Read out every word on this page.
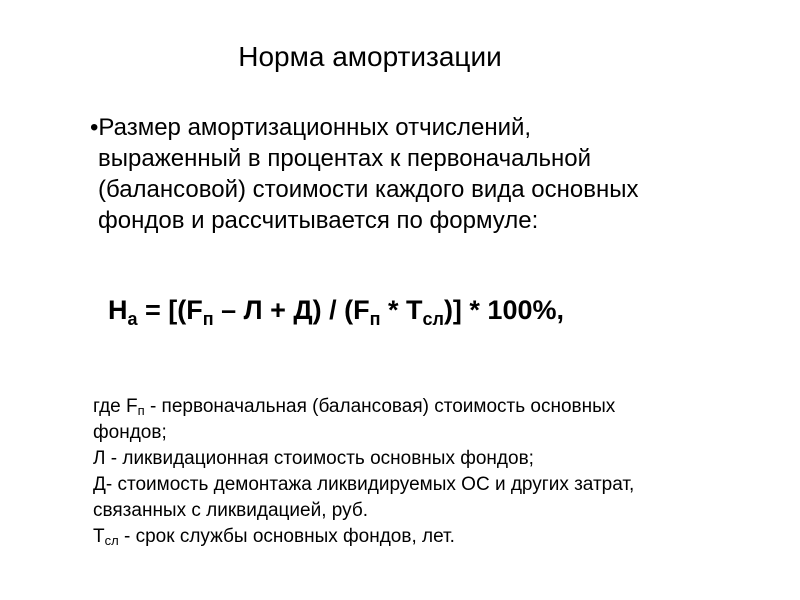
Норма амортизации
•Размер амортизационных отчислений,
выраженный в процентах к первоначальной
(балансовой) стоимости каждого вида основных
фондов и рассчитывается по формуле:
$Н_а = [(F_п - Л + Д) / (F_п * Т_{сл})] * 100\%$,
где $F_п$ - первоначальная (балансовая) стоимость основных
фондов;
Л - ликвидационная стоимость основных фондов;
Д- стоимость демонтажа ликвидируемых ОС и других затрат,
связанных с ликвидацией, руб.
$Т_{сл}$ - срок службы основных фондов, лет.
